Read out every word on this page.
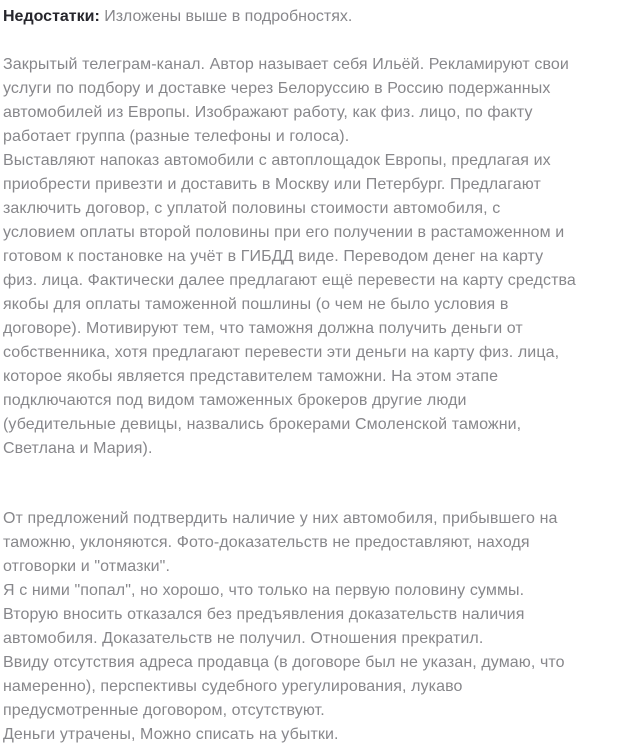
Недостатки: Изложены выше в подробностях.

Закрытый телеграм-канал. Автор называет себя Ильёй. Рекламируют свои
услуги по подбору и доставке через Белоруссию в Россию подержанных
автомобилей из Европы. Изображают работу, как физ. лицо, по факту
работает группа (разные телефоны и голоса).
Выставляют напоказ автомобили с автоплощадок Европы, предлагая их
приобрести привезти и доставить в Москву или Петербург. Предлагают
заключить договор, с уплатой половины стоимости автомобиля, с
условием оплаты второй половины при его получении в растаможенном и
готовом к постановке на учёт в ГИБДД виде. Переводом денег на карту
физ. лица. Фактически далее предлагают ещё перевести на карту средства
якобы для оплаты таможенной пошлины (о чем не было условия в
договоре). Мотивируют тем, что таможня должна получить деньги от
собственника, хотя предлагают перевести эти деньги на карту физ. лица,
которое якобы является представителем таможни. На этом этапе
подключаются под видом таможенных брокеров другие люди
(убедительные девицы, назвались брокерами Смоленской таможни,
Светлана и Мария).
От предложений подтвердить наличие у них автомобиля, прибывшего на
таможню, уклоняются. Фото-доказательств не предоставляют, находя
отговорки и "отмазки".
Я с ними "попал", но хорошо, что только на первую половину суммы.
Вторую вносить отказался без предъявления доказательств наличия
автомобиля. Доказательств не получил. Отношения прекратил.
Ввиду отсутствия адреса продавца (в договоре был не указан, думаю, что
намеренно), перспективы судебного урегулирования, лукаво
предусмотренные договором, отсутствуют.
Деньги утрачены, Можно списать на убытки.
